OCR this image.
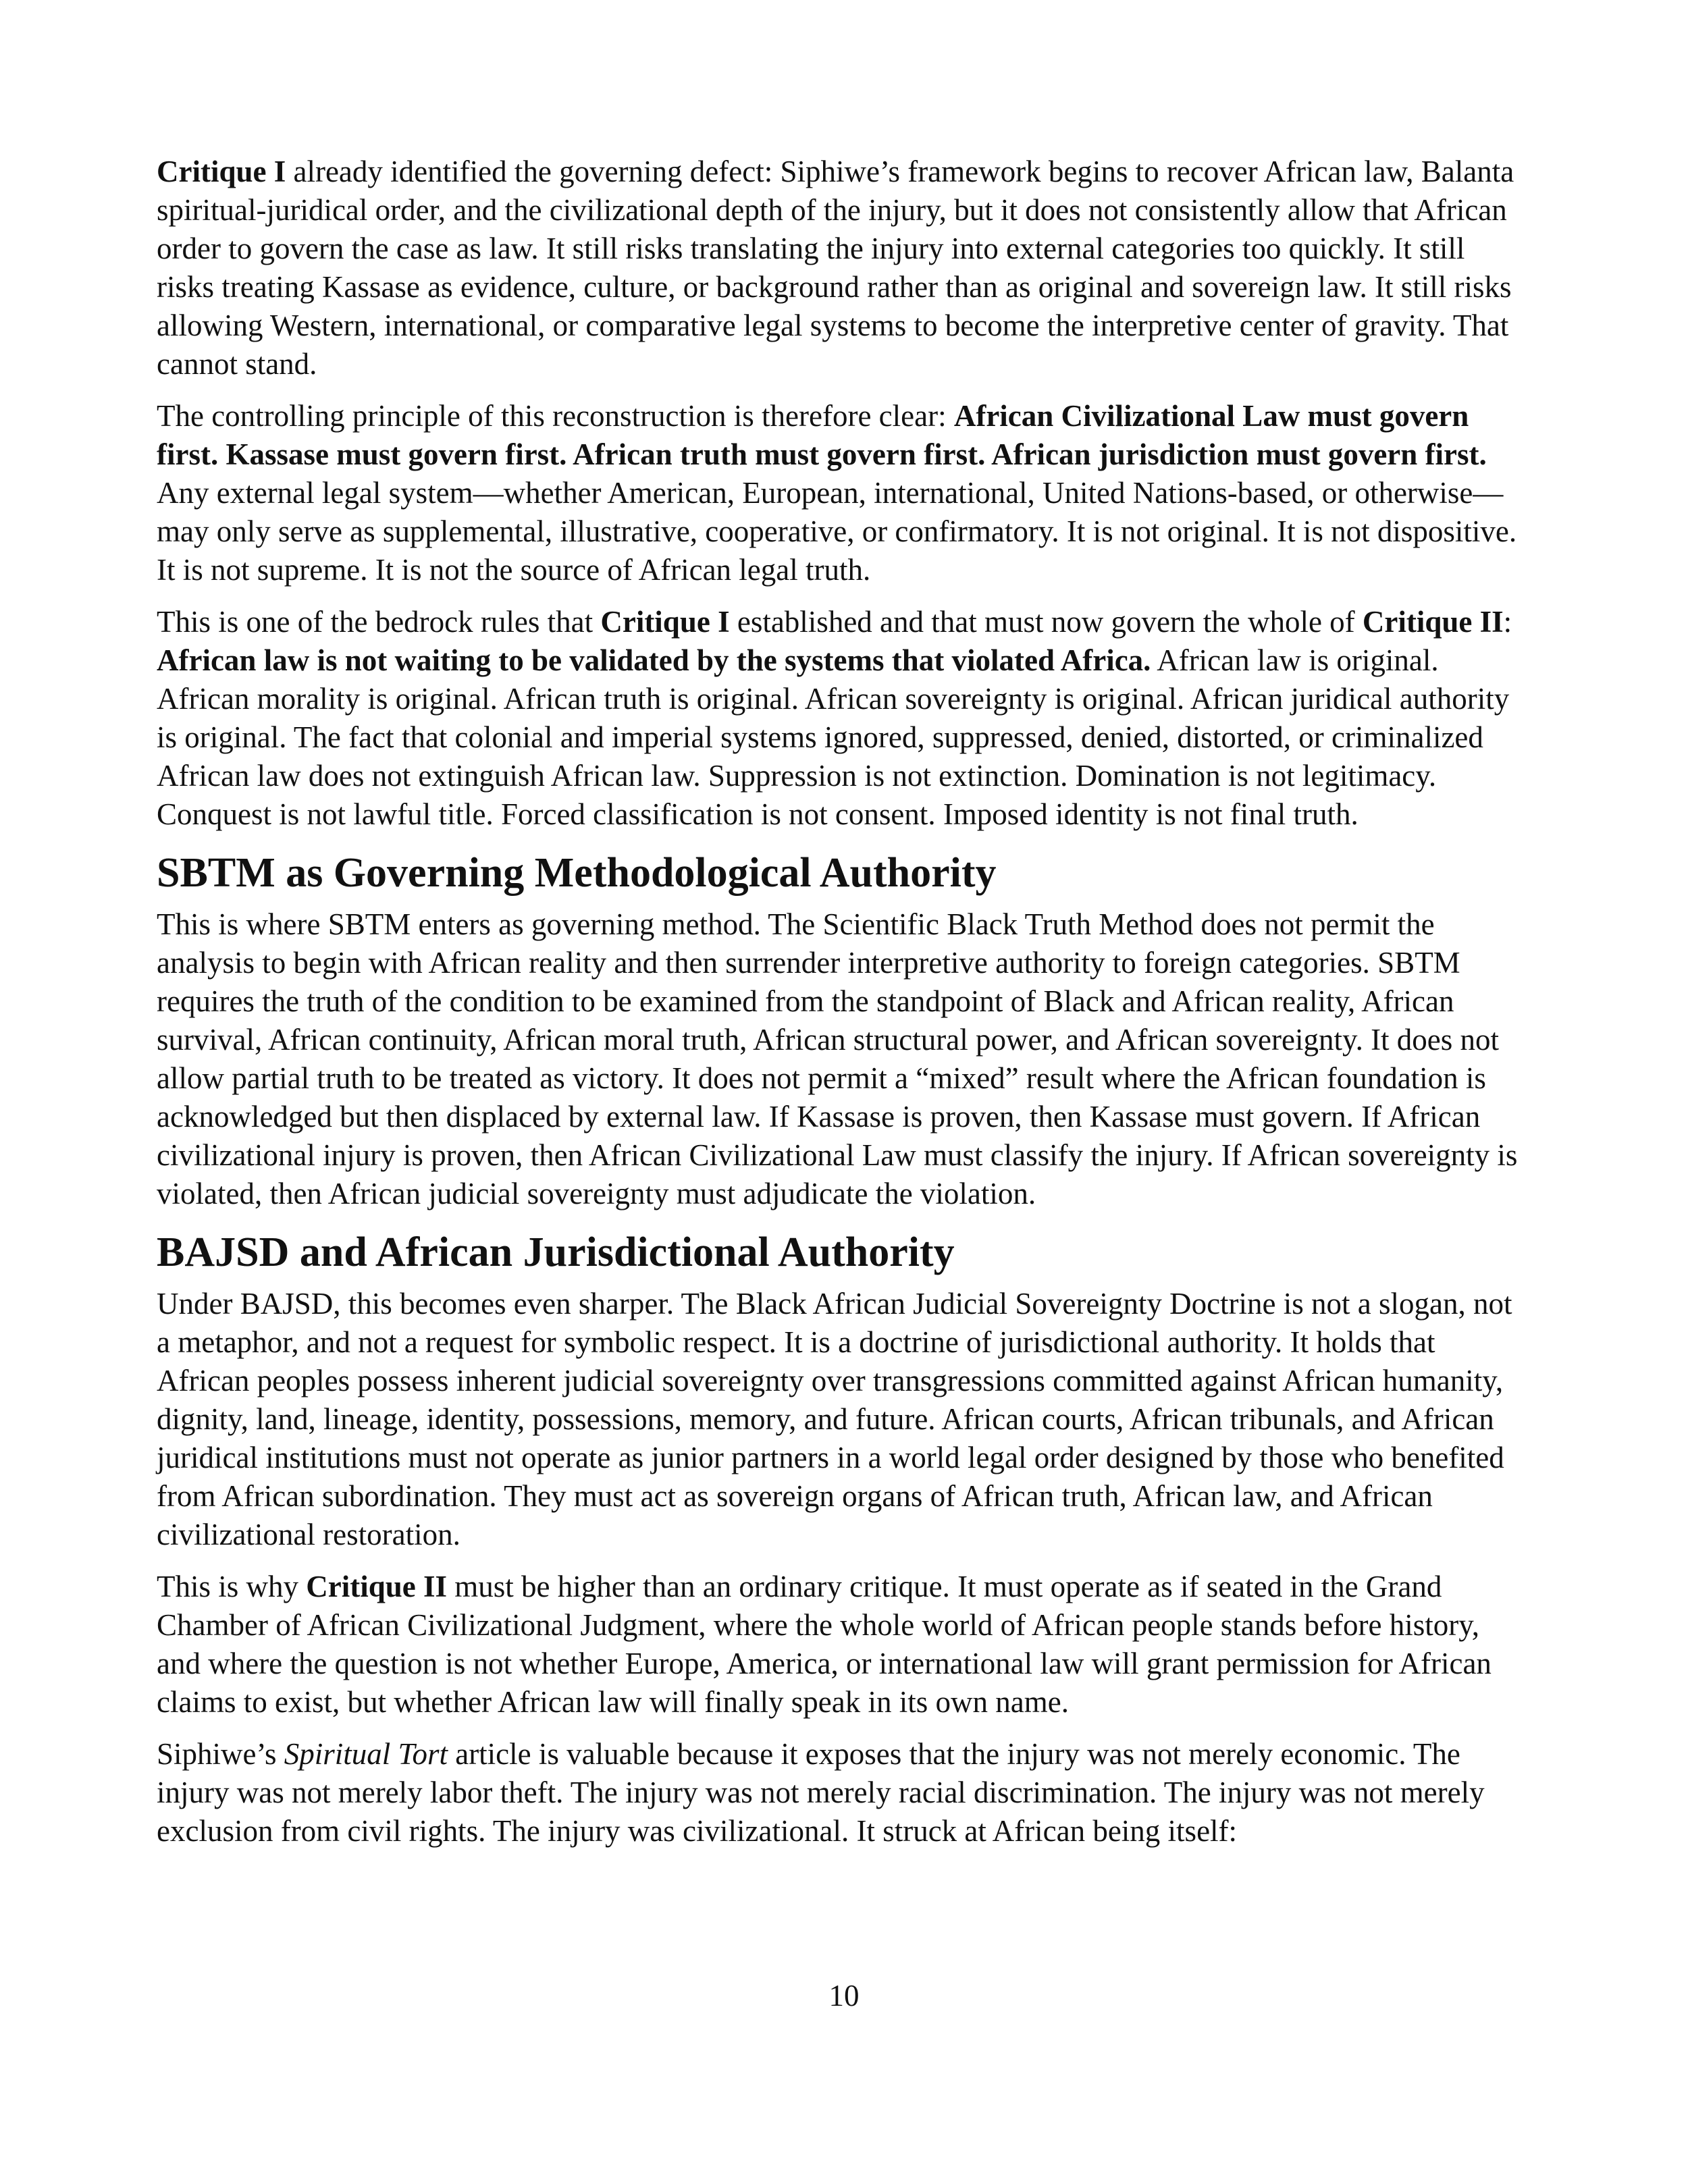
Critique I already identified the governing defect: Siphiwe’s framework begins to recover African law, Balanta spiritual-juridical order, and the civilizational depth of the injury, but it does not consistently allow that African order to govern the case as law. It still risks translating the injury into external categories too quickly. It still risks treating Kassase as evidence, culture, or background rather than as original and sovereign law. It still risks allowing Western, international, or comparative legal systems to become the interpretive center of gravity. That cannot stand.

The controlling principle of this reconstruction is therefore clear: African Civilizational Law must govern first. Kassase must govern first. African truth must govern first. African jurisdiction must govern first. Any external legal system—whether American, European, international, United Nations-based, or otherwise—may only serve as supplemental, illustrative, cooperative, or confirmatory. It is not original. It is not dispositive. It is not supreme. It is not the source of African legal truth.

This is one of the bedrock rules that Critique I established and that must now govern the whole of Critique II: African law is not waiting to be validated by the systems that violated Africa. African law is original. African morality is original. African truth is original. African sovereignty is original. African juridical authority is original. The fact that colonial and imperial systems ignored, suppressed, denied, distorted, or criminalized African law does not extinguish African law. Suppression is not extinction. Domination is not legitimacy. Conquest is not lawful title. Forced classification is not consent. Imposed identity is not final truth.

SBTM as Governing Methodological Authority

This is where SBTM enters as governing method. The Scientific Black Truth Method does not permit the analysis to begin with African reality and then surrender interpretive authority to foreign categories. SBTM requires the truth of the condition to be examined from the standpoint of Black and African reality, African survival, African continuity, African moral truth, African structural power, and African sovereignty. It does not allow partial truth to be treated as victory. It does not permit a “mixed” result where the African foundation is acknowledged but then displaced by external law. If Kassase is proven, then Kassase must govern. If African civilizational injury is proven, then African Civilizational Law must classify the injury. If African sovereignty is violated, then African judicial sovereignty must adjudicate the violation.

BAJSD and African Jurisdictional Authority

Under BAJSD, this becomes even sharper. The Black African Judicial Sovereignty Doctrine is not a slogan, not a metaphor, and not a request for symbolic respect. It is a doctrine of jurisdictional authority. It holds that African peoples possess inherent judicial sovereignty over transgressions committed against African humanity, dignity, land, lineage, identity, possessions, memory, and future. African courts, African tribunals, and African juridical institutions must not operate as junior partners in a world legal order designed by those who benefited from African subordination. They must act as sovereign organs of African truth, African law, and African civilizational restoration.

This is why Critique II must be higher than an ordinary critique. It must operate as if seated in the Grand Chamber of African Civilizational Judgment, where the whole world of African people stands before history, and where the question is not whether Europe, America, or international law will grant permission for African claims to exist, but whether African law will finally speak in its own name.

Siphiwe’s Spiritual Tort article is valuable because it exposes that the injury was not merely economic. The injury was not merely labor theft. The injury was not merely racial discrimination. The injury was not merely exclusion from civil rights. The injury was civilizational. It struck at African being itself:

10
